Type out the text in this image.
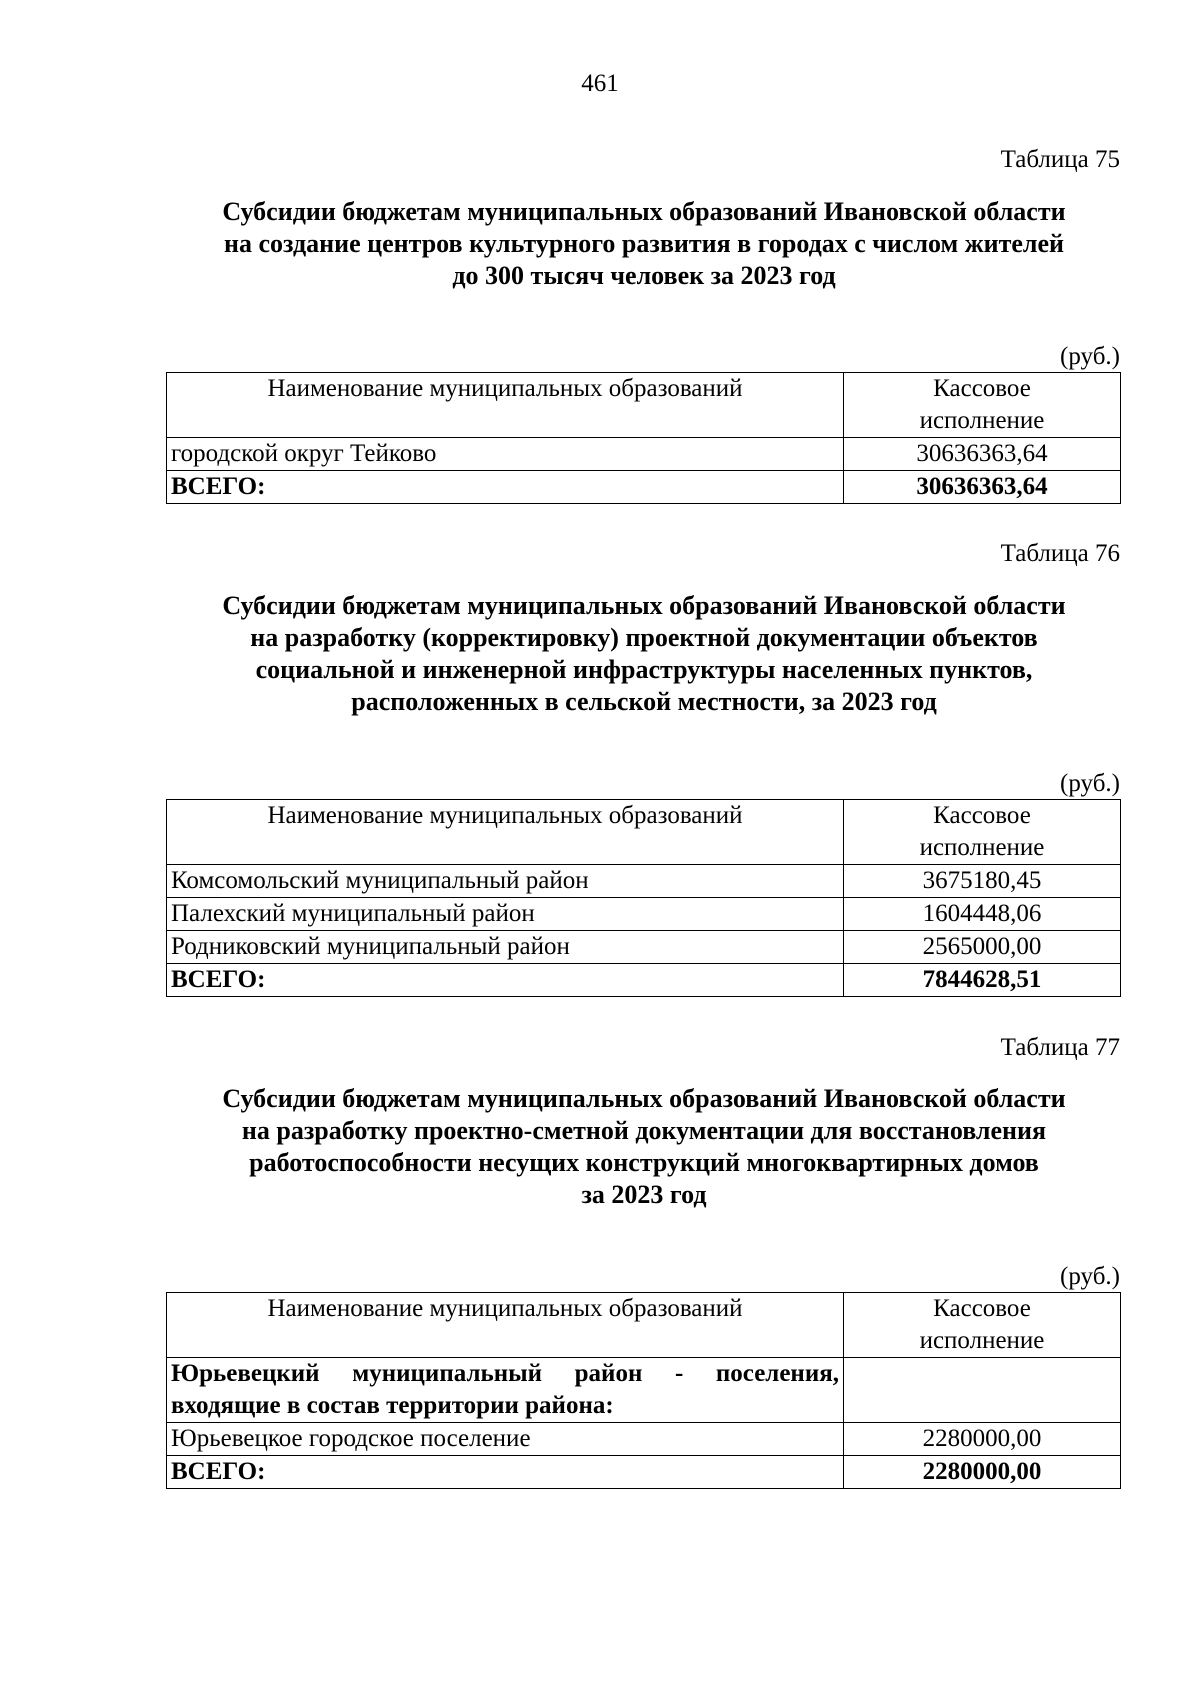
461
Таблица 75
Субсидии бюджетам муниципальных образований Ивановской области
на создание центров культурного развития в городах с числом жителей
до 300 тысяч человек за 2023 год
(руб.)
Наименование муниципальных образований	Кассовое
исполнение

городской округ Тейково	30636363,64
ВСЕГО:	30636363,64
Таблица 76
Субсидии бюджетам муниципальных образований Ивановской области
на разработку (корректировку) проектной документации объектов
социальной и инженерной инфраструктуры населенных пунктов,
расположенных в сельской местности, за 2023 год
(руб.)
Наименование муниципальных образований	Кассовое
исполнение

Комсомольский муниципальный район	3675180,45
Палехский муниципальный район	1604448,06
Родниковский муниципальный район	2565000,00
ВСЕГО:	7844628,51
Таблица 77
Субсидии бюджетам муниципальных образований Ивановской области
на разработку проектно-сметной документации для восстановления
работоспособности несущих конструкций многоквартирных домов
за 2023 год
(руб.)
Наименование муниципальных образований	Кассовое
исполнение

Юрьевецкий муниципальный район - поселения,
входящие в состав территории района:	

Юрьевецкое городское поселение	2280000,00
ВСЕГО:	2280000,00
